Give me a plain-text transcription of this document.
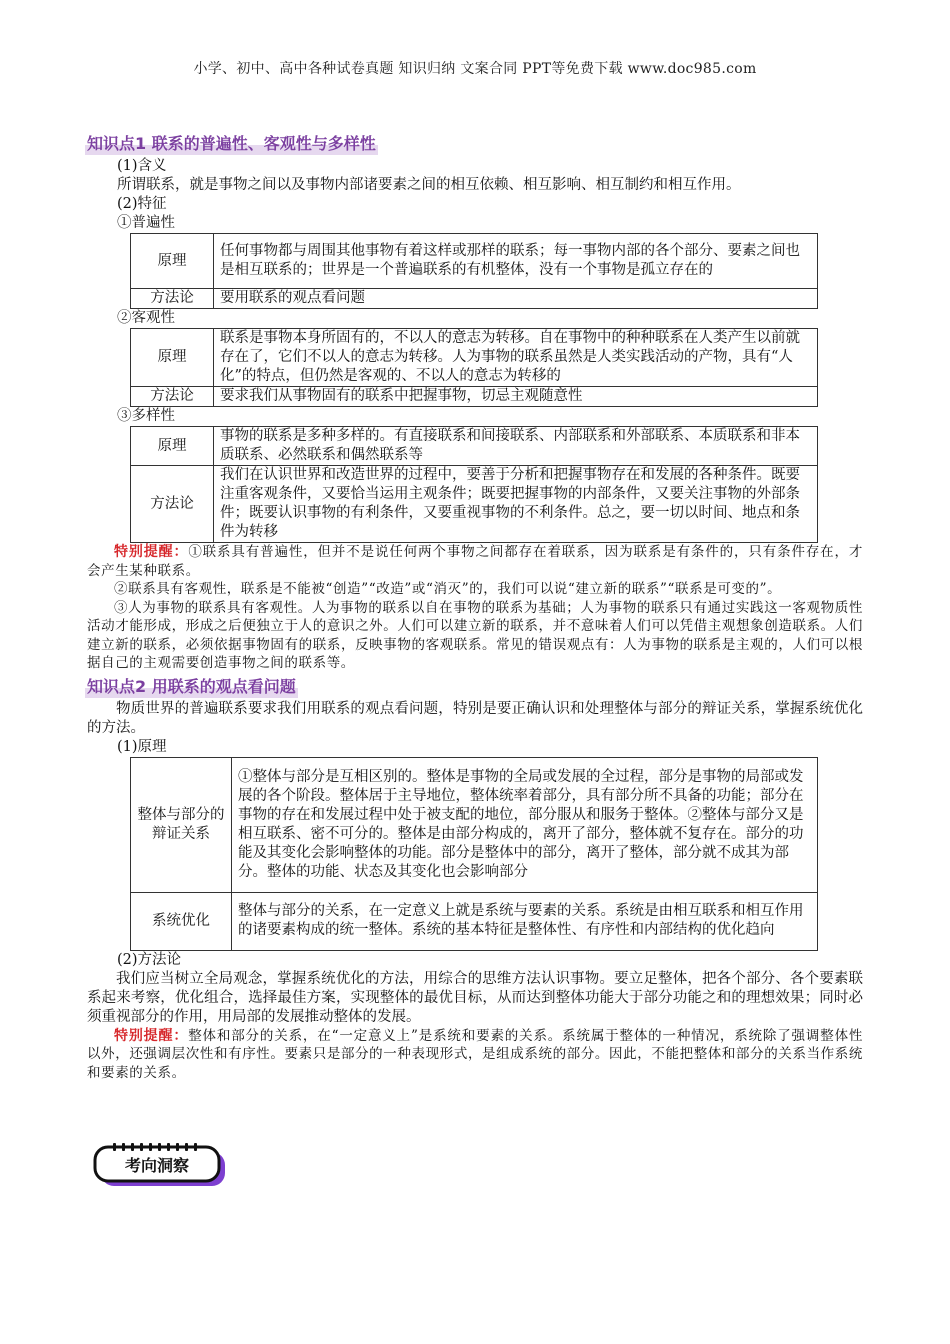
小学、初中、高中各种试卷真题 知识归纳 文案合同 PPT等免费下载 www.doc985.com
知识点1 联系的普遍性、客观性与多样性
(1)含义
所谓联系，就是事物之间以及事物内部诸要素之间的相互依赖、相互影响、相互制约和相互作用。
(2)特征
①普遍性
原理	任何事物都与周围其他事物有着这样或那样的联系；每一事物内部的各个部分、要素之间也是相互联系的；世界是一个普遍联系的有机整体，没有一个事物是孤立存在的
方法论	要用联系的观点看问题
②客观性
原理	联系是事物本身所固有的，不以人的意志为转移。自在事物中的种种联系在人类产生以前就存在了，它们不以人的意志为转移。人为事物的联系虽然是人类实践活动的产物，具有“人化”的特点，但仍然是客观的、不以人的意志为转移的
方法论	要求我们从事物固有的联系中把握事物，切忌主观随意性
③多样性
原理	事物的联系是多种多样的。有直接联系和间接联系、内部联系和外部联系、本质联系和非本质联系、必然联系和偶然联系等
方法论	我们在认识世界和改造世界的过程中，要善于分析和把握事物存在和发展的各种条件。既要注重客观条件，又要恰当运用主观条件；既要把握事物的内部条件，又要关注事物的外部条件；既要认识事物的有利条件，又要重视事物的不利条件。总之，要一切以时间、地点和条件为转移
特别提醒：①联系具有普遍性，但并不是说任何两个事物之间都存在着联系，因为联系是有条件的，只有条件存在，才会产生某种联系。
②联系具有客观性，联系是不能被“创造”“改造”或“消灭”的，我们可以说“建立新的联系”“联系是可变的”。
③人为事物的联系具有客观性。人为事物的联系以自在事物的联系为基础；人为事物的联系只有通过实践这一客观物质性活动才能形成，形成之后便独立于人的意识之外。人们可以建立新的联系，并不意味着人们可以凭借主观想象创造联系。人们建立新的联系，必须依据事物固有的联系，反映事物的客观联系。常见的错误观点有：人为事物的联系是主观的，人们可以根据自己的主观需要创造事物之间的联系等。
知识点2 用联系的观点看问题
物质世界的普遍联系要求我们用联系的观点看问题，特别是要正确认识和处理整体与部分的辩证关系，掌握系统优化的方法。
(1)原理
整体与部分的辩证关系	①整体与部分是互相区别的。整体是事物的全局或发展的全过程，部分是事物的局部或发展的各个阶段。整体居于主导地位，整体统率着部分，具有部分所不具备的功能；部分在事物的存在和发展过程中处于被支配的地位，部分服从和服务于整体。②整体与部分又是相互联系、密不可分的。整体是由部分构成的，离开了部分，整体就不复存在。部分的功能及其变化会影响整体的功能。部分是整体中的部分，离开了整体，部分就不成其为部分。整体的功能、状态及其变化也会影响部分
系统优化	整体与部分的关系，在一定意义上就是系统与要素的关系。系统是由相互联系和相互作用的诸要素构成的统一整体。系统的基本特征是整体性、有序性和内部结构的优化趋向
(2)方法论
我们应当树立全局观念，掌握系统优化的方法，用综合的思维方法认识事物。要立足整体，把各个部分、各个要素联系起来考察，优化组合，选择最佳方案，实现整体的最优目标，从而达到整体功能大于部分功能之和的理想效果；同时必须重视部分的作用，用局部的发展推动整体的发展。
特别提醒：整体和部分的关系，在“一定意义上”是系统和要素的关系。系统属于整体的一种情况，系统除了强调整体性以外，还强调层次性和有序性。要素只是部分的一种表现形式，是组成系统的部分。因此，不能把整体和部分的关系当作系统和要素的关系。
考向洞察
